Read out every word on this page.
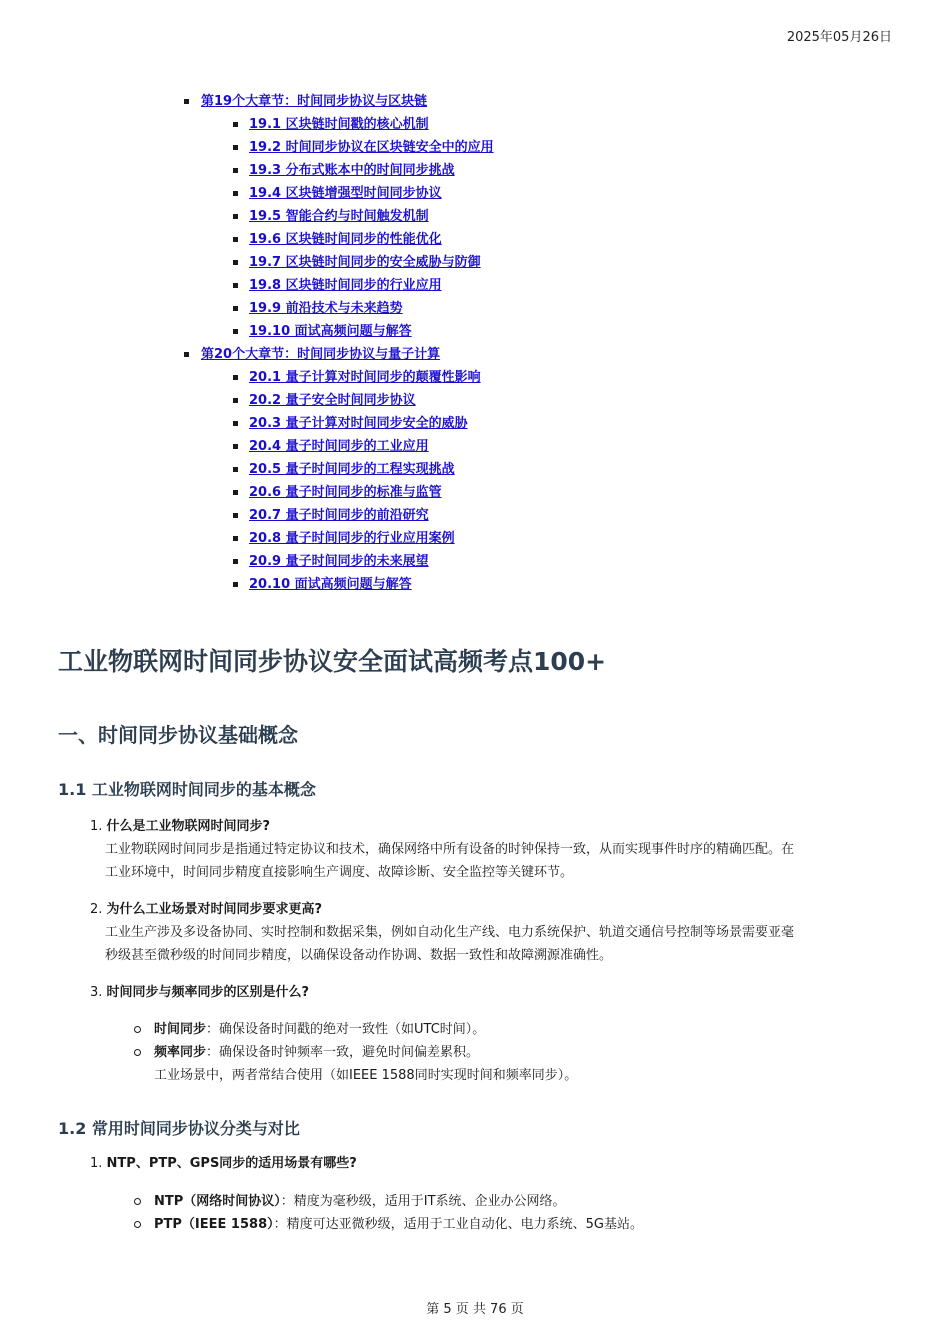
2025年05月26日
第19个大章节：时间同步协议与区块链
19.1 区块链时间戳的核心机制
19.2 时间同步协议在区块链安全中的应用
19.3 分布式账本中的时间同步挑战
19.4 区块链增强型时间同步协议
19.5 智能合约与时间触发机制
19.6 区块链时间同步的性能优化
19.7 区块链时间同步的安全威胁与防御
19.8 区块链时间同步的行业应用
19.9 前沿技术与未来趋势
19.10 面试高频问题与解答
第20个大章节：时间同步协议与量子计算
20.1 量子计算对时间同步的颠覆性影响
20.2 量子安全时间同步协议
20.3 量子计算对时间同步安全的威胁
20.4 量子时间同步的工业应用
20.5 量子时间同步的工程实现挑战
20.6 量子时间同步的标准与监管
20.7 量子时间同步的前沿研究
20.8 量子时间同步的行业应用案例
20.9 量子时间同步的未来展望
20.10 面试高频问题与解答
工业物联网时间同步协议安全面试高频考点100+
一、时间同步协议基础概念
1.1 工业物联网时间同步的基本概念
1. 什么是工业物联网时间同步?
工业物联网时间同步是指通过特定协议和技术，确保网络中所有设备的时钟保持一致，从而实现事件时序的精确匹配。在
工业环境中，时间同步精度直接影响生产调度、故障诊断、安全监控等关键环节。
2. 为什么工业场景对时间同步要求更高?
工业生产涉及多设备协同、实时控制和数据采集，例如自动化生产线、电力系统保护、轨道交通信号控制等场景需要亚毫
秒级甚至微秒级的时间同步精度，以确保设备动作协调、数据一致性和故障溯源准确性。
3. 时间同步与频率同步的区别是什么?
时间同步：确保设备时间戳的绝对一致性（如UTC时间）。
频率同步：确保设备时钟频率一致，避免时间偏差累积。
工业场景中，两者常结合使用（如IEEE 1588同时实现时间和频率同步）。
1.2 常用时间同步协议分类与对比
1. NTP、PTP、GPS同步的适用场景有哪些?
NTP（网络时间协议）：精度为毫秒级，适用于IT系统、企业办公网络。
PTP（IEEE 1588）：精度可达亚微秒级，适用于工业自动化、电力系统、5G基站。
第 5 页 共 76 页
